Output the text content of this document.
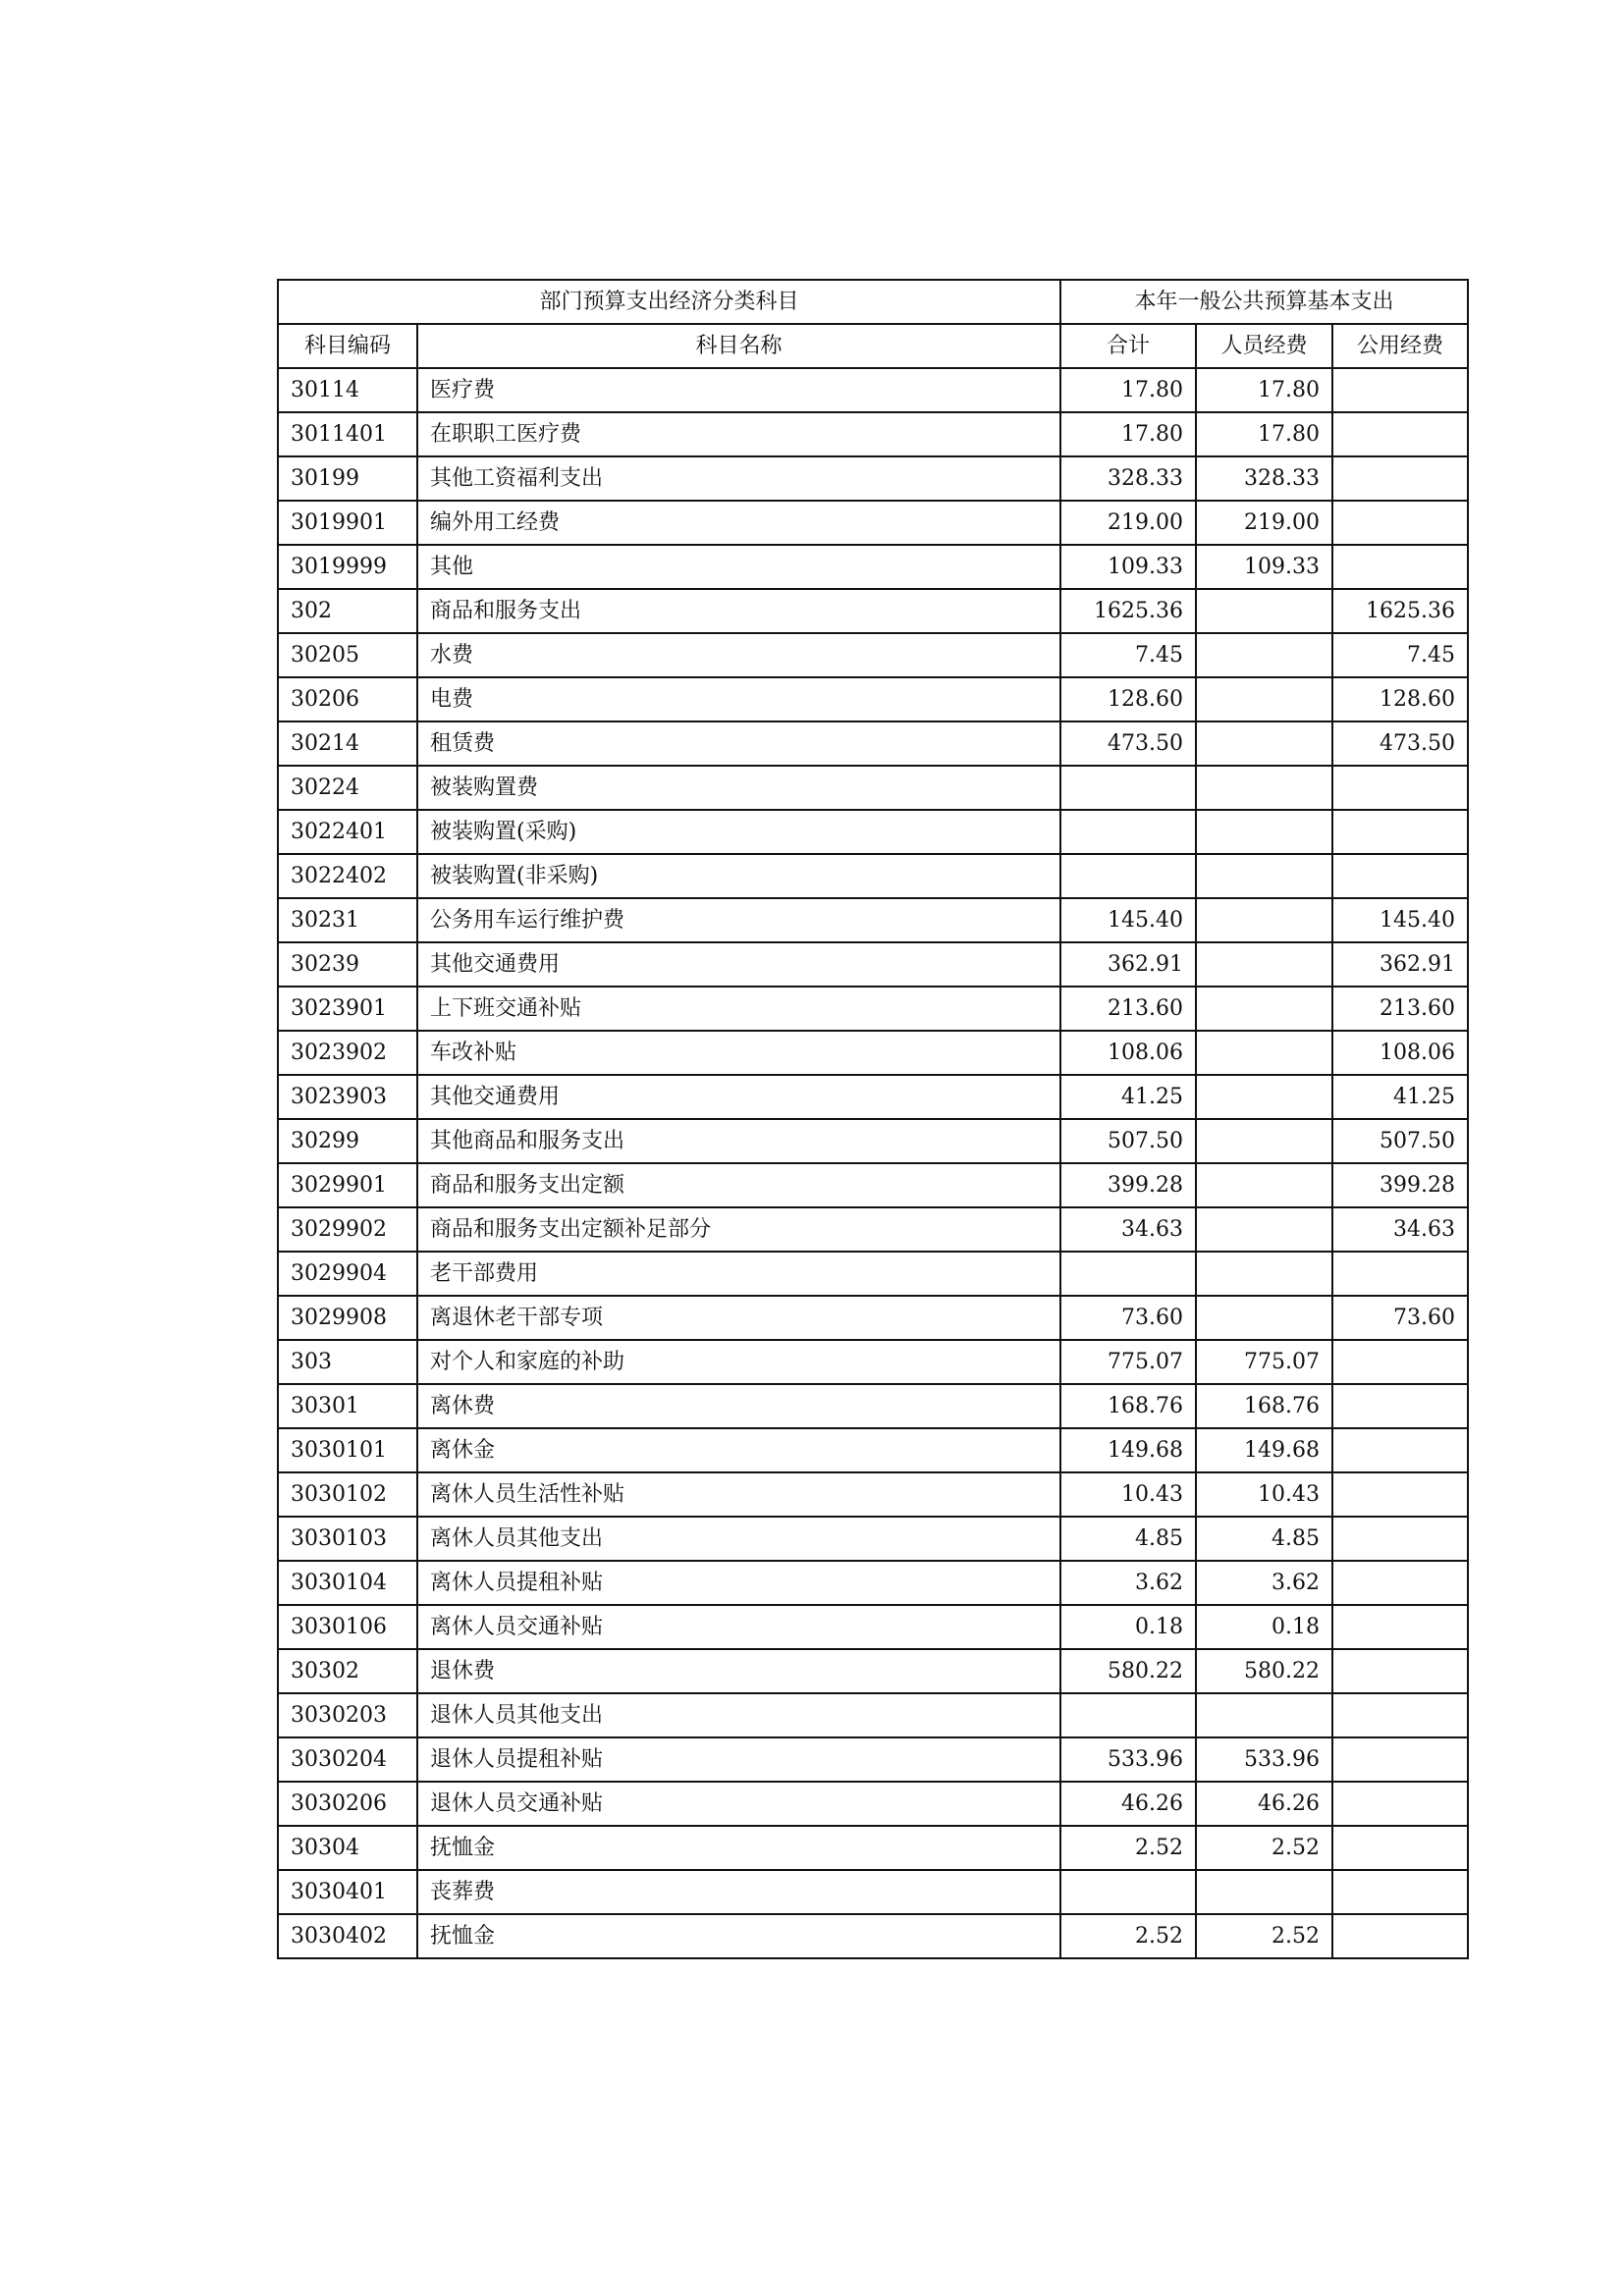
部门预算支出经济分类科目		本年一般公共预算基本支出		
科目编码	科目名称	合计	人员经费	公用经费
30114	医疗费	17.80	17.80	
3011401	在职职工医疗费	17.80	17.80	
30199	其他工资福利支出	328.33	328.33	
3019901	编外用工经费	219.00	219.00	
3019999	其他	109.33	109.33	
302	商品和服务支出	1625.36		1625.36
30205	水费	7.45		7.45
30206	电费	128.60		128.60
30214	租赁费	473.50		473.50
30224	被装购置费			
3022401	被装购置(采购)			
3022402	被装购置(非采购)			
30231	公务用车运行维护费	145.40		145.40
30239	其他交通费用	362.91		362.91
3023901	上下班交通补贴	213.60		213.60
3023902	车改补贴	108.06		108.06
3023903	其他交通费用	41.25		41.25
30299	其他商品和服务支出	507.50		507.50
3029901	商品和服务支出定额	399.28		399.28
3029902	商品和服务支出定额补足部分	34.63		34.63
3029904	老干部费用			
3029908	离退休老干部专项	73.60		73.60
303	对个人和家庭的补助	775.07	775.07	
30301	离休费	168.76	168.76	
3030101	离休金	149.68	149.68	
3030102	离休人员生活性补贴	10.43	10.43	
3030103	离休人员其他支出	4.85	4.85	
3030104	离休人员提租补贴	3.62	3.62	
3030106	离休人员交通补贴	0.18	0.18	
30302	退休费	580.22	580.22	
3030203	退休人员其他支出			
3030204	退休人员提租补贴	533.96	533.96	
3030206	退休人员交通补贴	46.26	46.26	
30304	抚恤金	2.52	2.52	
3030401	丧葬费			
3030402	抚恤金	2.52	2.52	
